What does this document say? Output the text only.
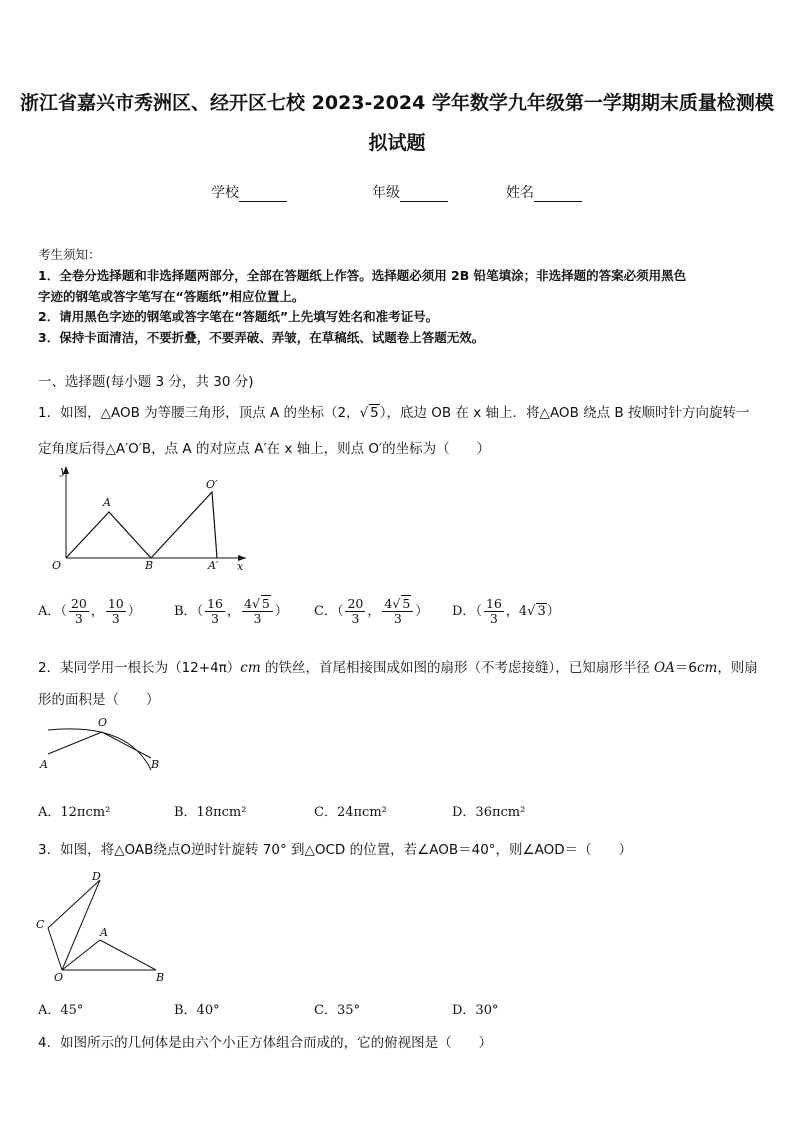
浙江省嘉兴市秀洲区、经开区七校 2023-2024 学年数学九年级第一学期期末质量检测模
拟试题
学校	年级	姓名
考生须知：
1．全卷分选择题和非选择题两部分，全部在答题纸上作答。选择题必须用 2B 铅笔填涂；非选择题的答案必须用黑色
字迹的钢笔或答字笔写在“答题纸”相应位置上。
2．请用黑色字迹的钢笔或答字笔在“答题纸”上先填写姓名和准考证号。
3．保持卡面清洁，不要折叠，不要弄破、弄皱，在草稿纸、试题卷上答题无效。
一、选择题(每小题 3 分，共 30 分)
1．如图，△AOB 为等腰三角形，顶点 A 的坐标（2，√ 5），底边 OB 在 x 轴上．将△AOB 绕点 B 按顺时针方向旋转一
定角度后得△A′O′B，点 A 的对应点 A′在 x 轴上，则点 O′的坐标为（　　）
y
x
O
A
B	A′
O′
A．（ $\frac{20}{3}$ ， $\frac{10}{3}$ ）	B．（ $\frac{16}{3}$ ， $\frac{4√ 5}{3}$ ） C．（ $\frac{20}{3}$ ， $\frac{4√ 5}{3}$ ） D．（ $\frac{16}{3}$ ，4√ 3）
2．某同学用一根长为（12+4π）cm 的铁丝，首尾相接围成如图的扇形（不考虑接缝），已知扇形半径 OA＝6cm，则扇
形的面积是（　　）
O
A	B
A．12πcm²	B．18πcm²	C．24πcm²	D．36πcm²
3．如图，将△OAB绕点O逆时针旋转 70° 到△OCD 的位置，若∠AOB＝40°，则∠AOD＝（　　）
D
C
A
O	B
A．45°	B．40°	C．35°	D．30°
4．如图所示的几何体是由六个小正方体组合而成的，它的俯视图是（　　）
